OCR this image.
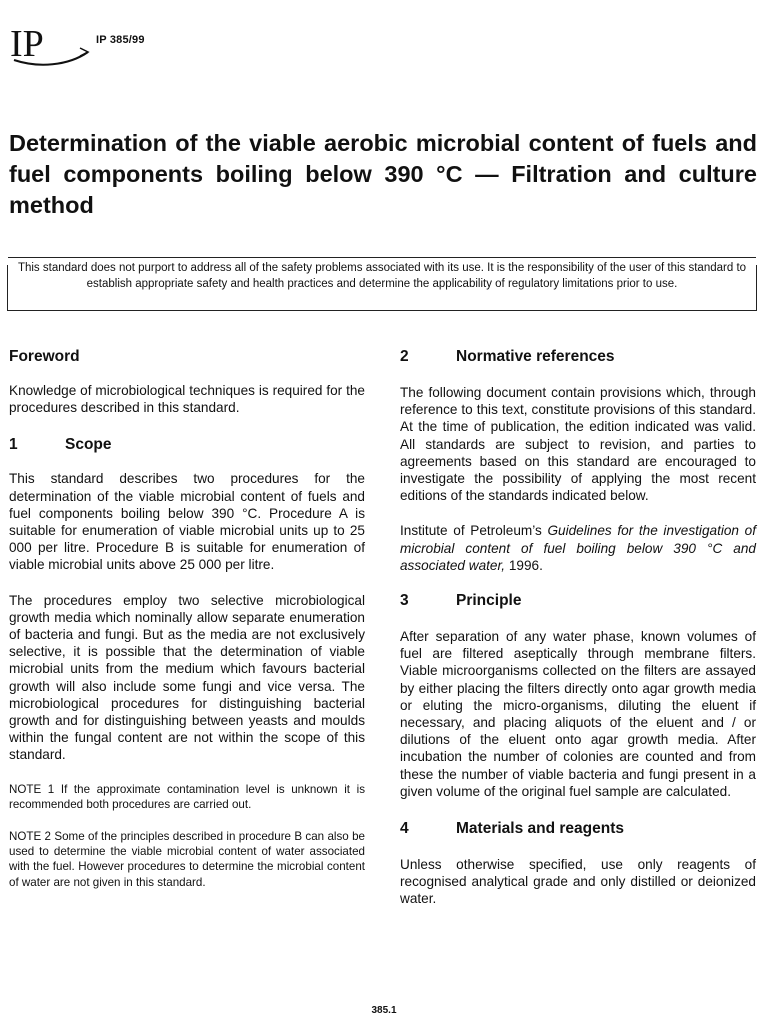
IP	IP 385/99
Determination of the viable aerobic microbial content of fuels and fuel components boiling below 390 °C — Filtration and culture method
This standard does not purport to address all of the safety problems associated with its use. It is the responsibility of the user of this standard to establish appropriate safety and health practices and determine the applicability of regulatory limitations prior to use.
Foreword

Knowledge of microbiological techniques is required for the procedures described in this standard.

1	Scope

This standard describes two procedures for the determination of the viable microbial content of fuels and fuel components boiling below 390 °C. Procedure A is suitable for enumeration of viable microbial units up to 25 000 per litre. Procedure B is suitable for enumeration of viable microbial units above 25 000 per litre.

The procedures employ two selective microbiological growth media which nominally allow separate enumeration of bacteria and fungi. But as the media are not exclusively selective, it is possible that the determination of viable microbial units from the medium which favours bacterial growth will also include some fungi and vice versa. The microbiological procedures for distinguishing bacterial growth and for distinguishing between yeasts and moulds within the fungal content are not within the scope of this standard.

NOTE 1 If the approximate contamination level is unknown it is recommended both procedures are carried out.

NOTE 2 Some of the principles described in procedure B can also be used to determine the viable microbial content of water associated with the fuel. However procedures to determine the microbial content of water are not given in this standard.

2	Normative references

The following document contain provisions which, through reference to this text, constitute provisions of this standard. At the time of publication, the edition indicated was valid. All standards are subject to revision, and parties to agreements based on this standard are encouraged to investigate the possibility of applying the most recent editions of the standards indicated below.

Institute of Petroleum’s Guidelines for the investigation of microbial content of fuel boiling below 390 °C and associated water, 1996.

3	Principle

After separation of any water phase, known volumes of fuel are filtered aseptically through membrane filters. Viable microorganisms collected on the filters are assayed by either placing the filters directly onto agar growth media or eluting the micro-organisms, diluting the eluent if necessary, and placing aliquots of the eluent and / or dilutions of the eluent onto agar growth media. After incubation the number of colonies are counted and from these the number of viable bacteria and fungi present in a given volume of the original fuel sample are calculated.

4	Materials and reagents

Unless otherwise specified, use only reagents of recognised analytical grade and only distilled or deionized water.

385.1
